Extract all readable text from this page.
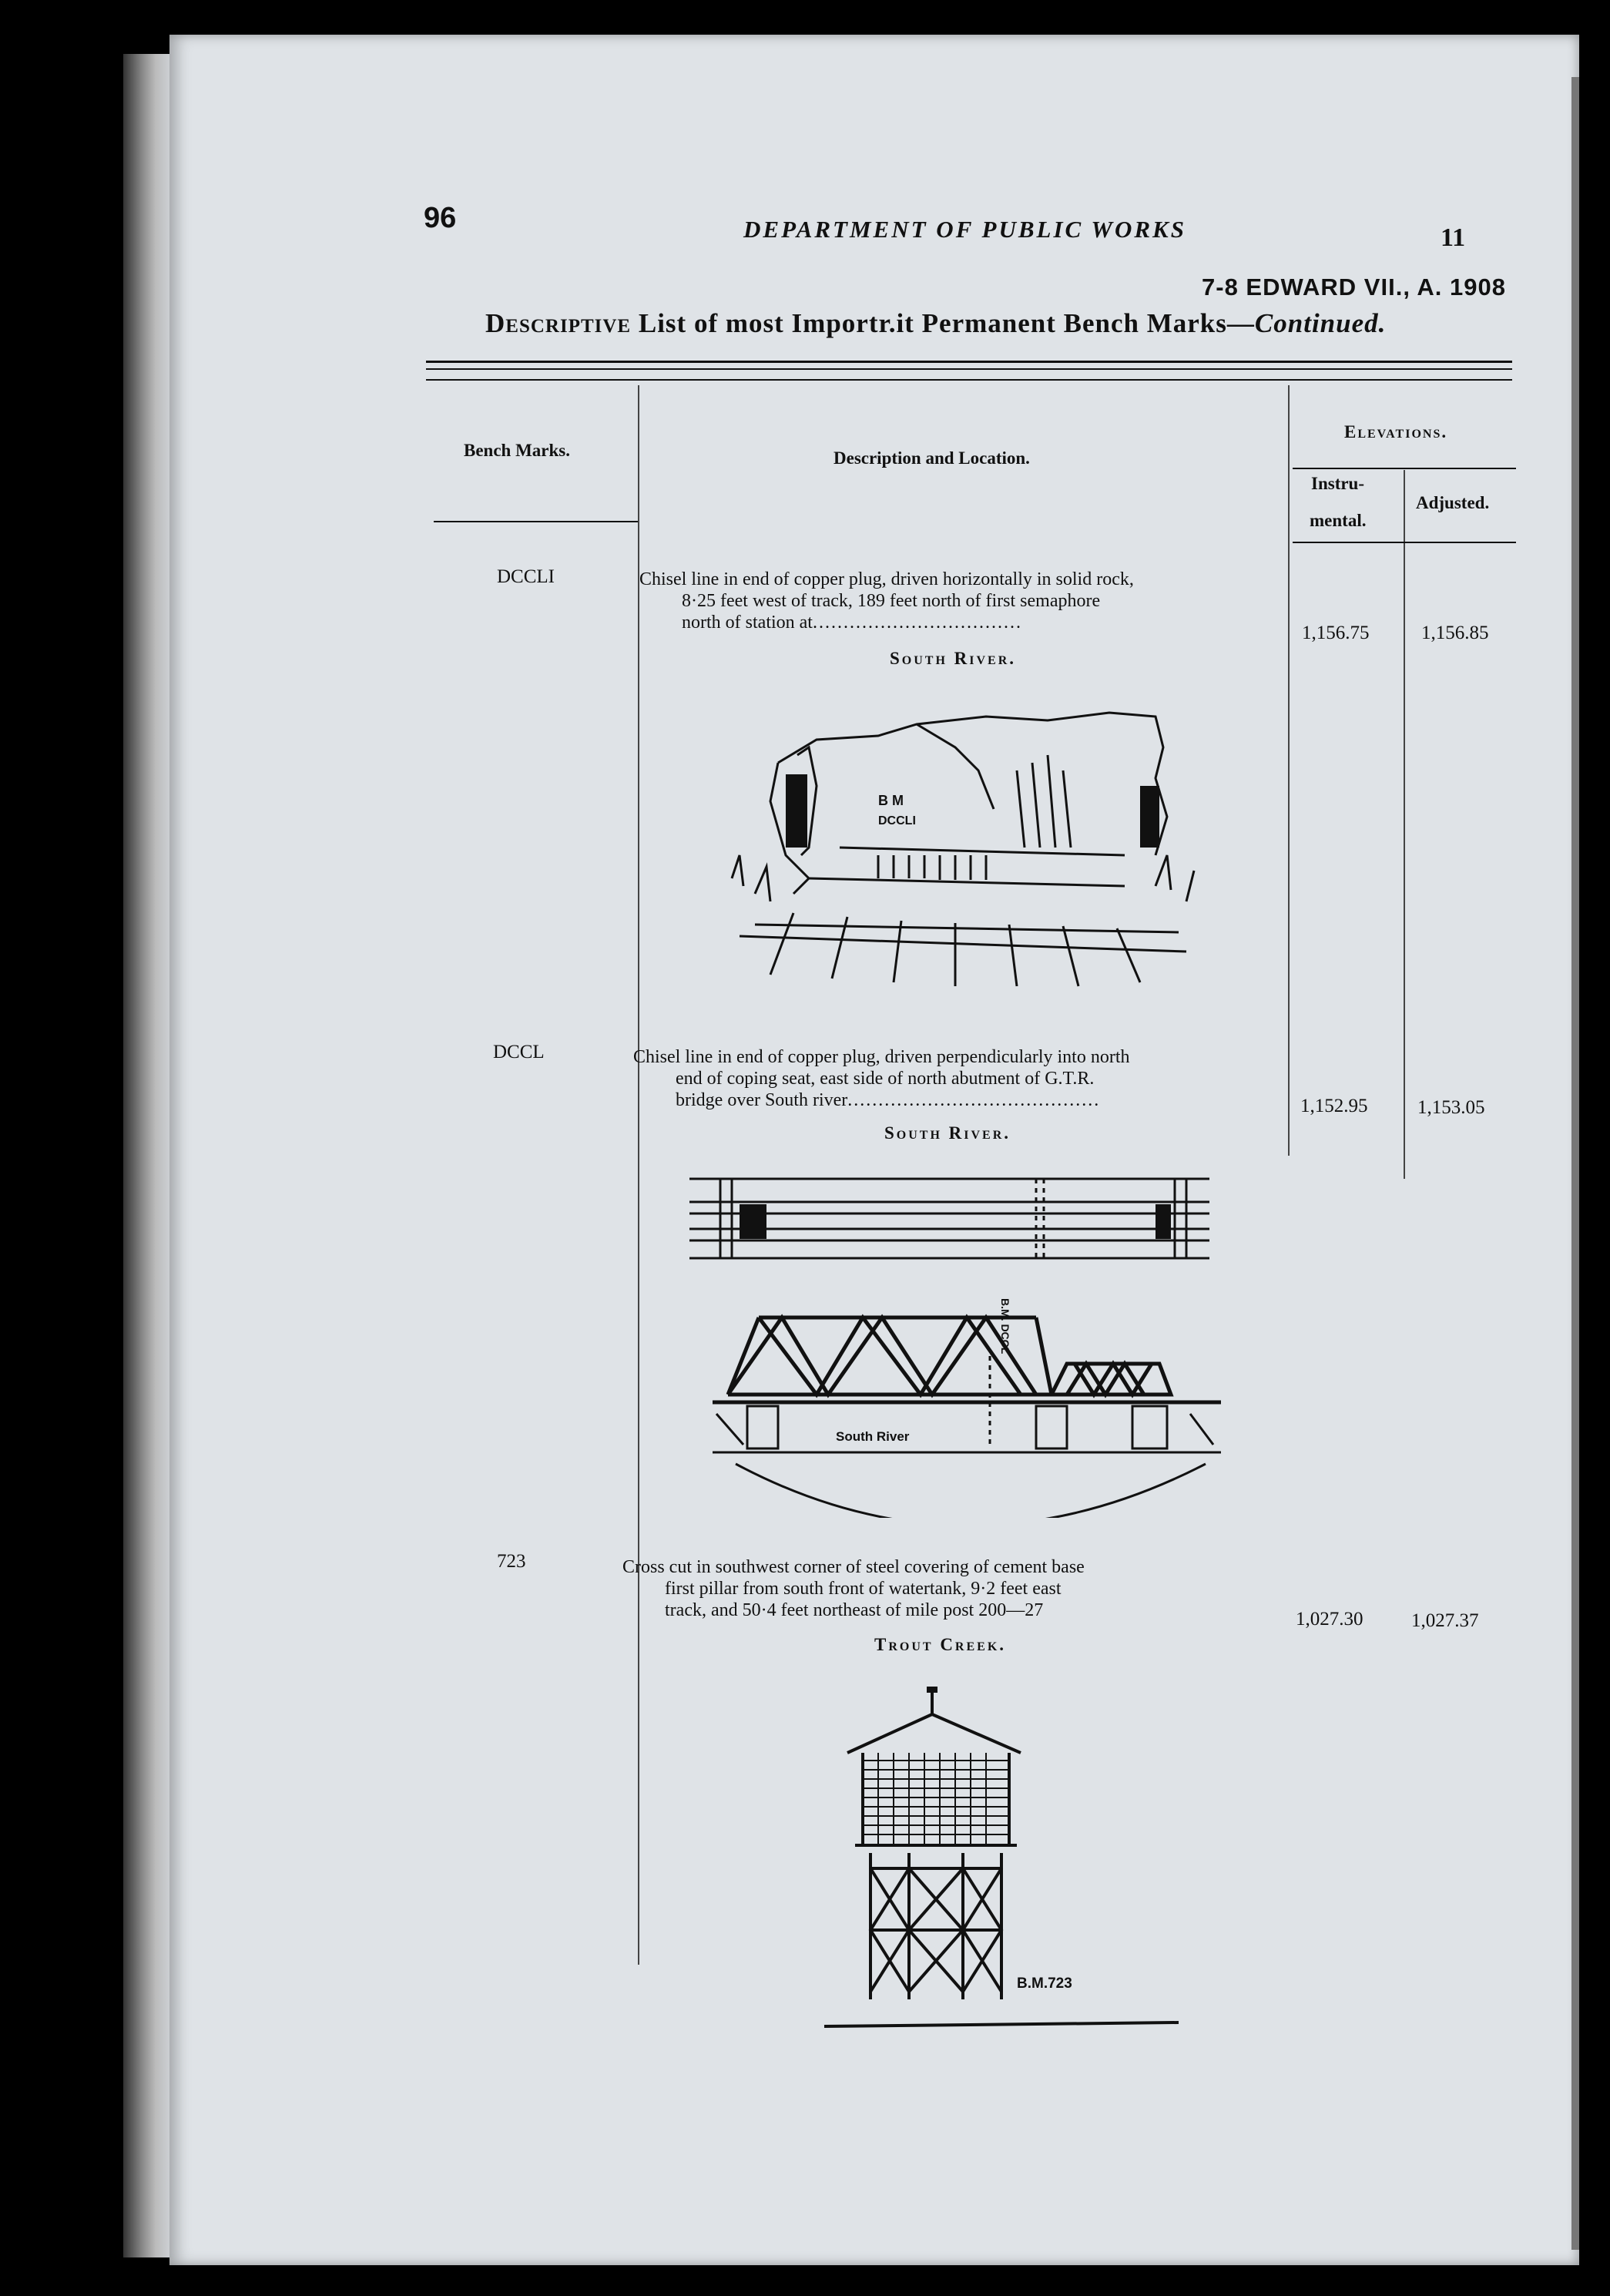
96	DEPARTMENT OF PUBLIC WORKS	11
7-8 EDWARD VII., A. 1908
Descriptive List of most Importr.it Permanent Bench Marks—Continued.
Bench Marks.	Description and Location.
Elevations.
Instru-
mental.
Adjusted.
DCCLI	Chisel line in end of copper plug, driven horizontally in solid rock,
8·25 feet west of track, 189 feet north of first semaphore
north of station at..................................	1,156.75	1,156.85
South River.
B M
DCCLI
DCCL	Chisel line in end of copper plug, driven perpendicularly into north
end of coping seat, east side of north abutment of G.T.R.
bridge over South river.........................................	1,152.95	1,153.05
South River.
South River
B.M. DCCL
723	Cross cut in southwest corner of steel covering of cement base
first pillar from south front of watertank, 9·2 feet east
track, and 50·4 feet northeast of mile post 200—27	1,027.30	1,027.37
Trout Creek.
B.M.723
